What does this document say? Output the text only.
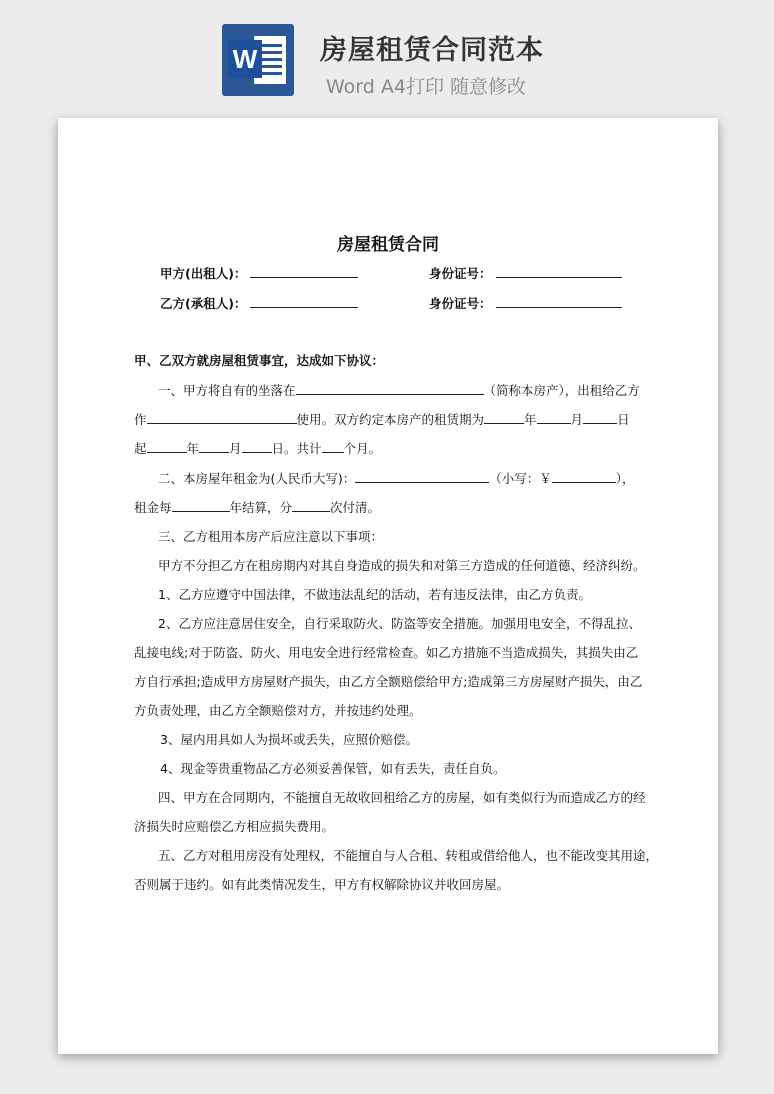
W 房屋租赁合同范本
Word A4打印 随意修改
房屋租赁合同
甲方(出租人)：	身份证号：
乙方(承租人)：	身份证号：
甲、乙双方就房屋租赁事宜，达成如下协议：
一、甲方将自有的坐落在	（简称本房产），出租给乙方
作	使用。双方约定本房产的租赁期为	年	月	日
起	年 月 日。共计 个月。
二、本房屋年租金为(人民币大写)：	（小写：￥	），
租金每	年结算，分	次付清。
三、乙方租用本房产后应注意以下事项：
甲方不分担乙方在租房期内对其自身造成的损失和对第三方造成的任何道德、经济纠纷。
1、乙方应遵守中国法律，不做违法乱纪的活动，若有违反法律，由乙方负责。
2、乙方应注意居住安全，自行采取防火、防盗等安全措施。加强用电安全，不得乱拉、
乱接电线;对于防盗、防火、用电安全进行经常检查。如乙方措施不当造成损失，其损失由乙
方自行承担;造成甲方房屋财产损失，由乙方全额赔偿给甲方;造成第三方房屋财产损失，由乙
方负责处理，由乙方全额赔偿对方，并按违约处理。
3、屋内用具如人为损坏或丢失，应照价赔偿。
4、现金等贵重物品乙方必须妥善保管，如有丢失，责任自负。
四、甲方在合同期内，不能擅自无故收回租给乙方的房屋，如有类似行为而造成乙方的经
济损失时应赔偿乙方相应损失费用。
五、乙方对租用房没有处理权，不能擅自与人合租、转租或借给他人，也不能改变其用途，
否则属于违约。如有此类情况发生，甲方有权解除协议并收回房屋。
